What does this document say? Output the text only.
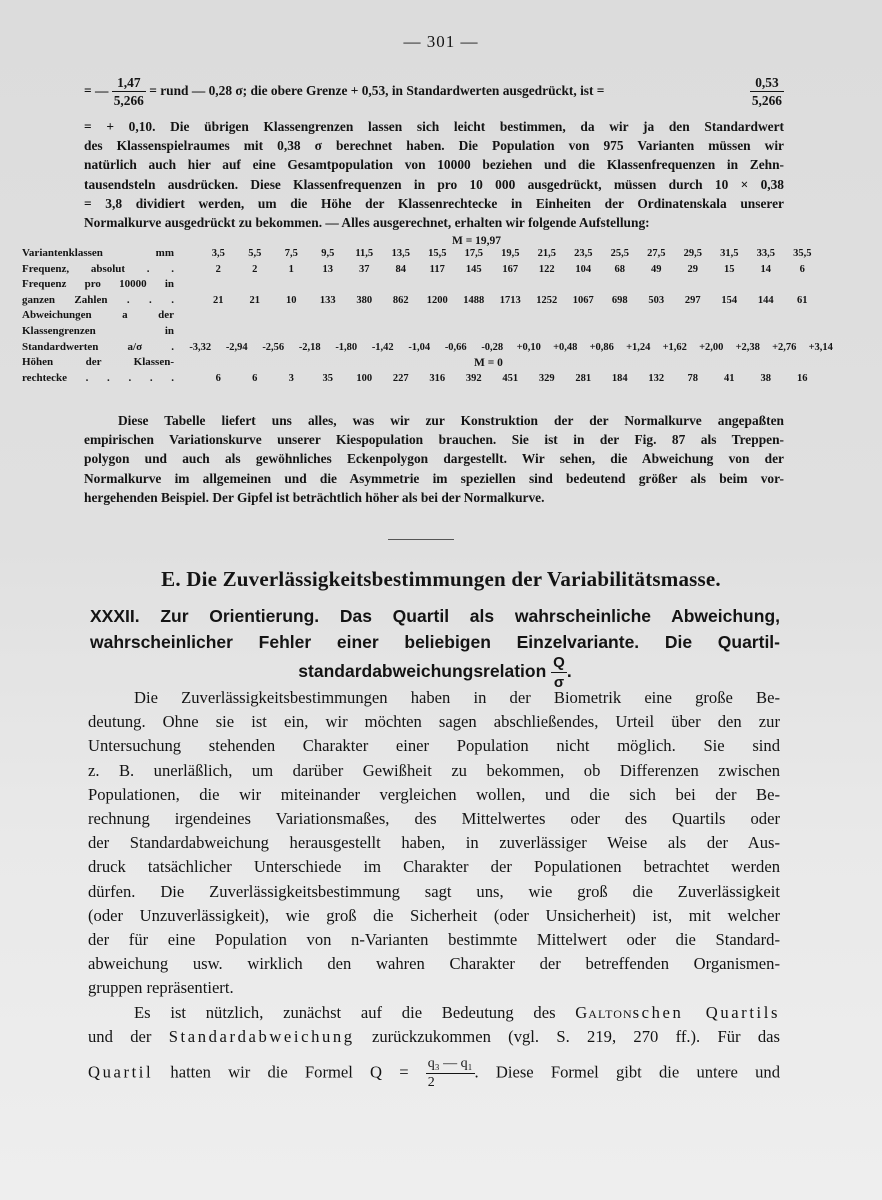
— 301 —
= — $\frac{1,47}{5,266}$ = rund — 0,28 σ; die obere Grenze + 0,53, in Standardwerten ausgedrückt, ist =	$\frac{0,53}{5,266}$
= + 0,10. Die übrigen Klassengrenzen lassen sich leicht bestimmen, da wir ja den Standardwert
des Klassenspielraumes mit 0,38 σ berechnet haben. Die Population von 975 Varianten müssen wir
natürlich auch hier auf eine Gesamtpopulation von 10000 beziehen und die Klassenfrequenzen in Zehn-
tausendsteln ausdrücken. Diese Klassenfrequenzen in pro 10 000 ausgedrückt, müssen durch 10 × 0,38
= 3,8 dividiert werden, um die Höhe der Klassenrechtecke in Einheiten der Ordinatenskala unserer
Normalkurve ausgedrückt zu bekommen. — Alles ausgerechnet, erhalten wir folgende Aufstellung:
M = 19,97
M = 0
Variantenklassen mm	3,5	5,5	7,5	9,5	11,5	13,5	15,5	17,5	19,5	21,5	23,5	25,5	27,5	29,5	31,5	33,5	35,5	
Frequenz, absolut . .	2	2	1	13	37	84	117	145	167	122	104	68	49	29	15	14	6	
Frequenz pro 10000 in																		
ganzen Zahlen . . .	21	21	10	133	380	862	1200	1488	1713	1252	1067	698	503	297	154	144	61	
Abweichungen a der																		
Klassengrenzen in																		
Standardwerten a/σ .	-3,32	-2,94	-2,56	-2,18	-1,80	-1,42	-1,04	-0,66	-0,28	+0,10	+0,48	+0,86	+1,24	+1,62	+2,00	+2,38	+2,76	+3,14
Höhen der Klassen-																		
rechtecke . . . . .	6	6	3	35	100	227	316	392	451	329	281	184	132	78	41	38	16	
Diese Tabelle liefert uns alles, was wir zur Konstruktion der der Normalkurve angepaßten
empirischen Variationskurve unserer Kiespopulation brauchen. Sie ist in der Fig. 87 als Treppen-
polygon und auch als gewöhnliches Eckenpolygon dargestellt. Wir sehen, die Abweichung von der
Normalkurve im allgemeinen und die Asymmetrie im speziellen sind bedeutend größer als beim vor-
hergehenden Beispiel. Der Gipfel ist beträchtlich höher als bei der Normalkurve.
E. Die Zuverlässigkeitsbestimmungen der Variabilitätsmasse.
XXXII. Zur Orientierung. Das Quartil als wahrscheinliche Abweichung,
wahrscheinlicher Fehler einer beliebigen Einzelvariante. Die Quartil-
standardabweichungsrelation $\frac{Q}{\sigma}$ .
Die Zuverlässigkeitsbestimmungen haben in der Biometrik eine große Be-
deutung. Ohne sie ist ein, wir möchten sagen abschließendes, Urteil über den zur
Untersuchung stehenden Charakter einer Population nicht möglich. Sie sind
z. B. unerläßlich, um darüber Gewißheit zu bekommen, ob Differenzen zwischen
Populationen, die wir miteinander vergleichen wollen, und die sich bei der Be-
rechnung irgendeines Variationsmaßes, des Mittelwertes oder des Quartils oder
der Standardabweichung herausgestellt haben, in zuverlässiger Weise als der Aus-
druck tatsächlicher Unterschiede im Charakter der Populationen betrachtet werden
dürfen. Die Zuverlässigkeitsbestimmung sagt uns, wie groß die Zuverlässigkeit
(oder Unzuverlässigkeit), wie groß die Sicherheit (oder Unsicherheit) ist, mit welcher
der für eine Population von n-Varianten bestimmte Mittelwert oder die Standard-
abweichung usw. wirklich den wahren Charakter der betreffenden Organismen-
gruppen repräsentiert.
Es ist nützlich, zunächst auf die Bedeutung des Galtonschen Quartils
und der Standardabweichung zurückzukommen (vgl. S. 219, 270 ff.). Für das
Quartil hatten wir die Formel $Q = \frac{\text{q₃ — q₁}}{2}$ . Diese Formel gibt die untere und
